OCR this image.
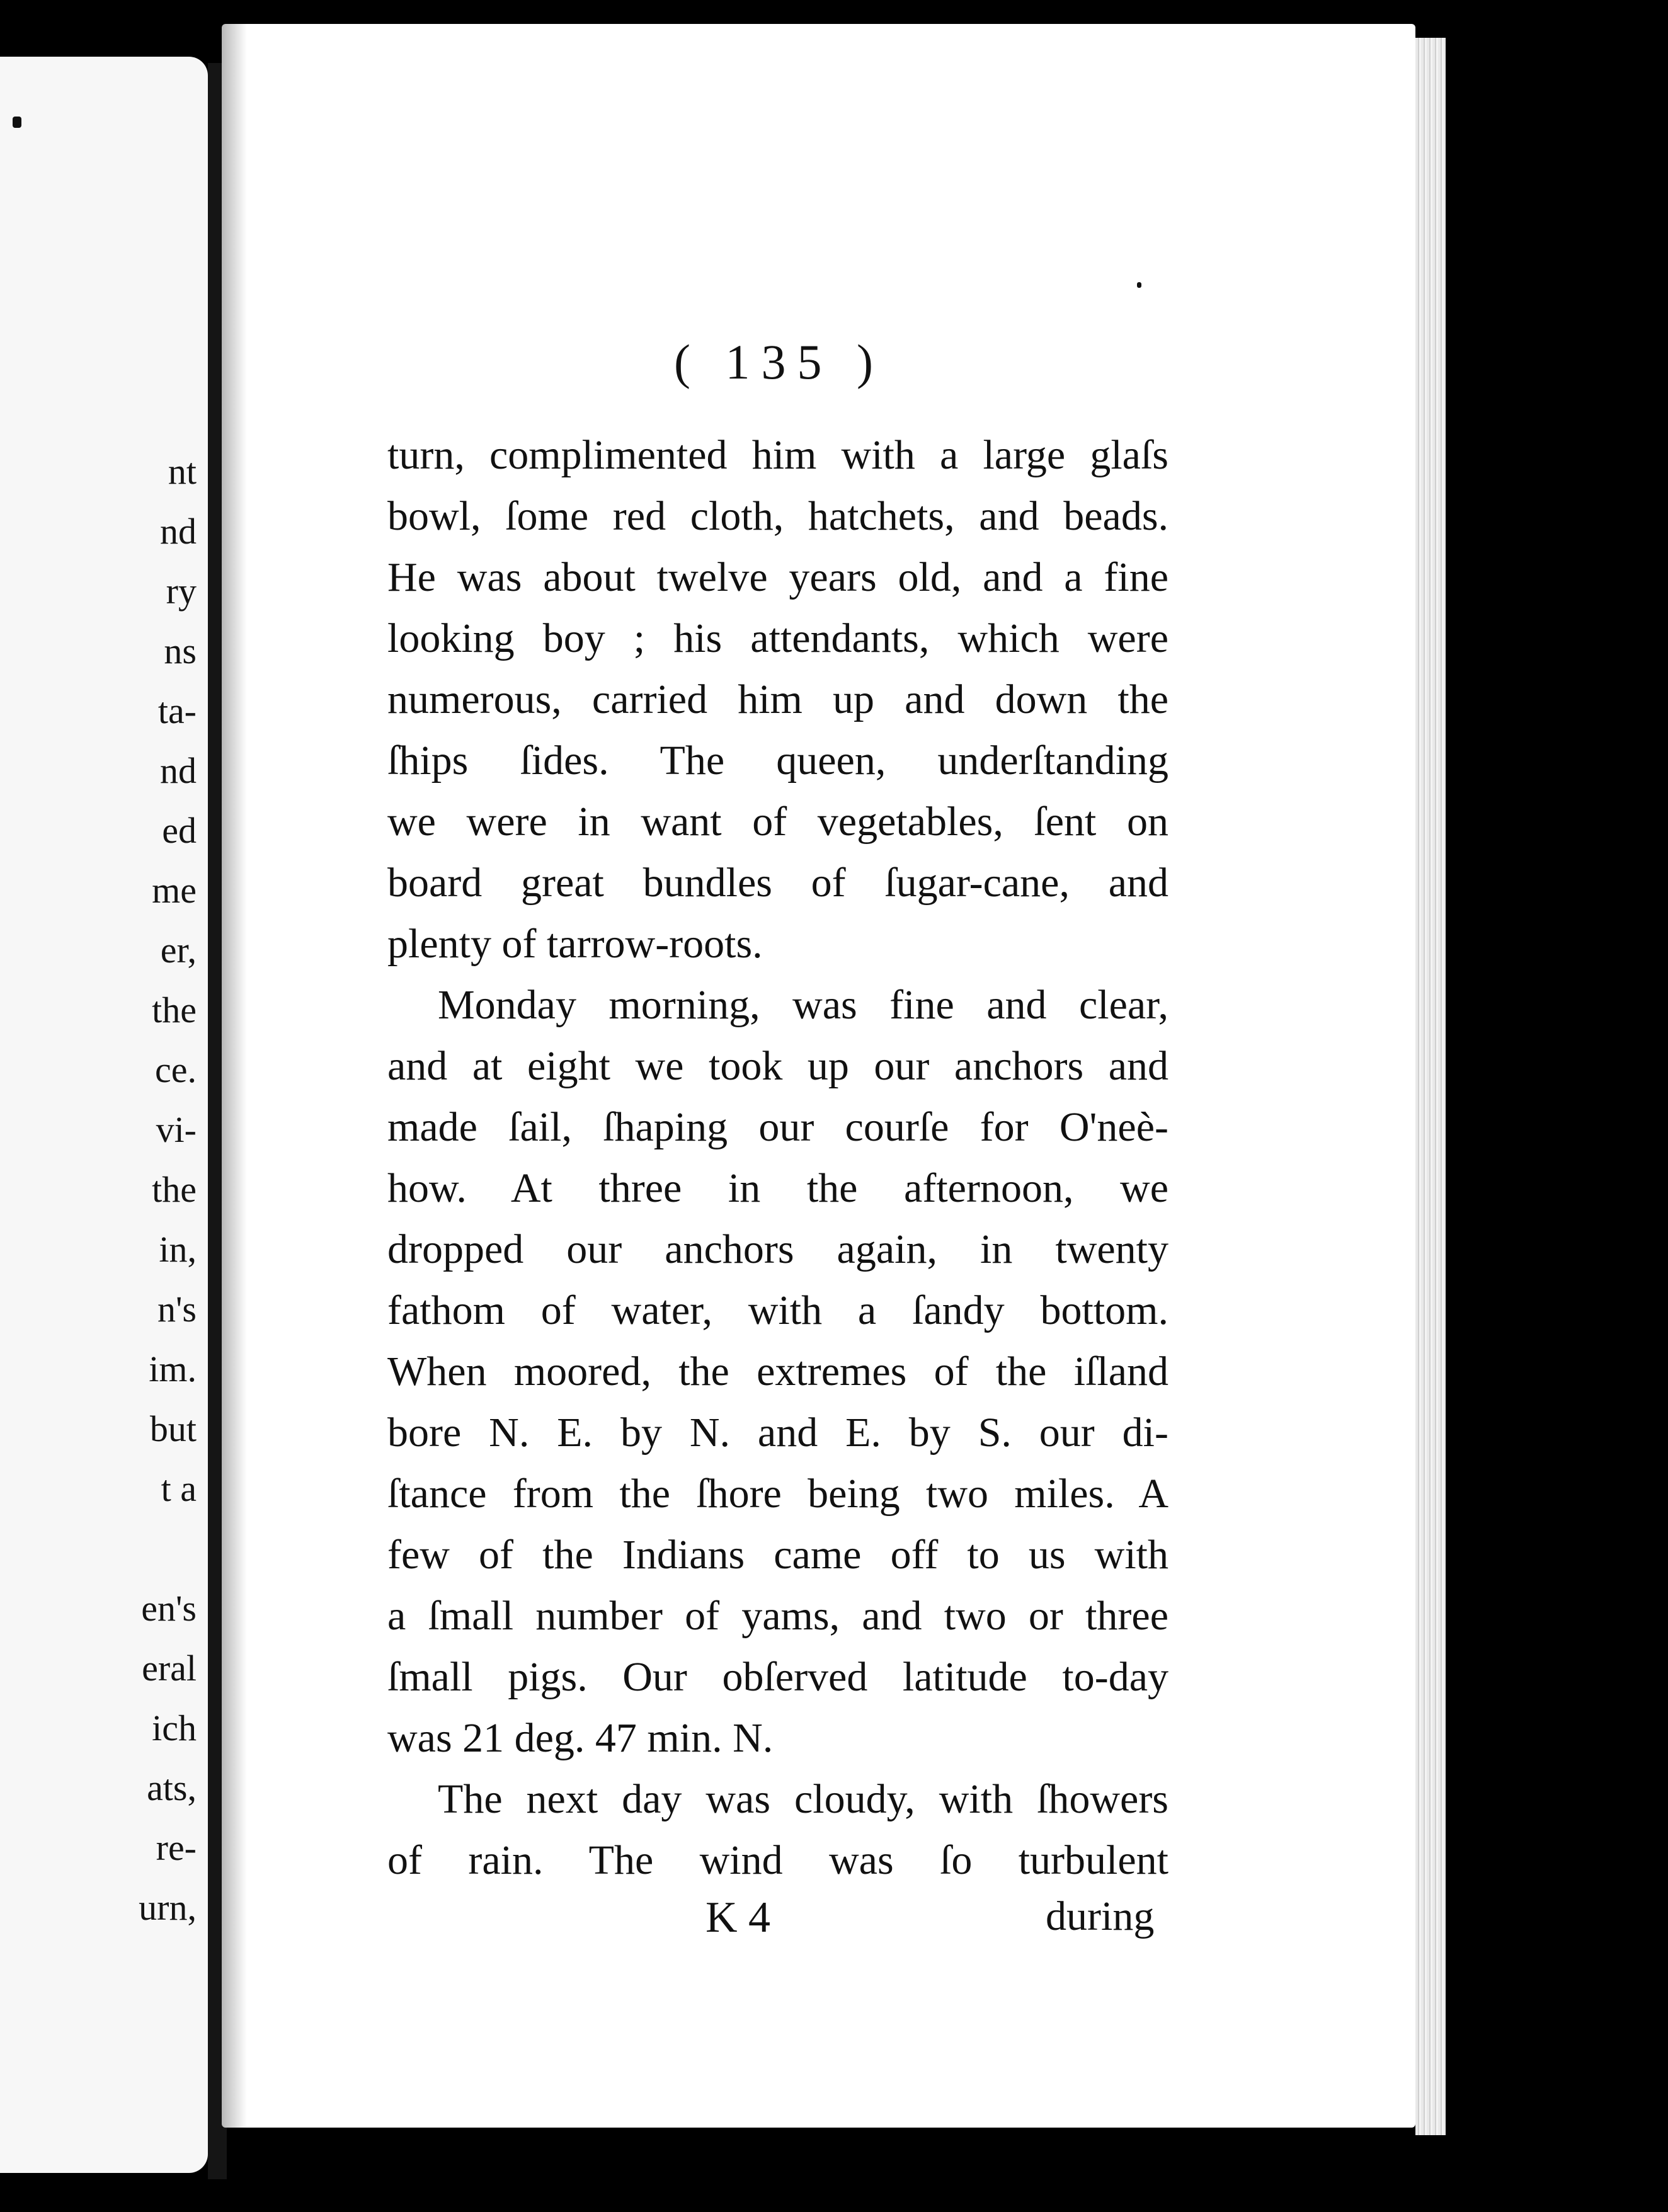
nt
nd
ry
ns
ta-
nd
ed
me
er,
the
ce.
vi-
the
in,
n's
im.
but
t a
en's
eral
ich
ats,
re-
urn,
( 135 )
turn, complimented him with a large glaſs
bowl, ſome red cloth, hatchets, and beads.
He was about twelve years old, and a fine
looking boy ; his attendants, which were
numerous, carried him up and down the
ſhips ſides. The queen, underſtanding
we were in want of vegetables, ſent on
board great bundles of ſugar-cane, and
plenty of tarrow-roots.
Monday morning, was fine and clear,
and at eight we took up our anchors and
made ſail, ſhaping our courſe for O'neè-
how. At three in the afternoon, we
dropped our anchors again, in twenty
fathom of water, with a ſandy bottom.
When moored, the extremes of the iſland
bore N. E. by N. and E. by S. our di-
ſtance from the ſhore being two miles. A
few of the Indians came off to us with
a ſmall number of yams, and two or three
ſmall pigs. Our obſerved latitude to-day
was 21 deg. 47 min. N.
The next day was cloudy, with ſhowers
of rain. The wind was ſo turbulent
K 4	during
